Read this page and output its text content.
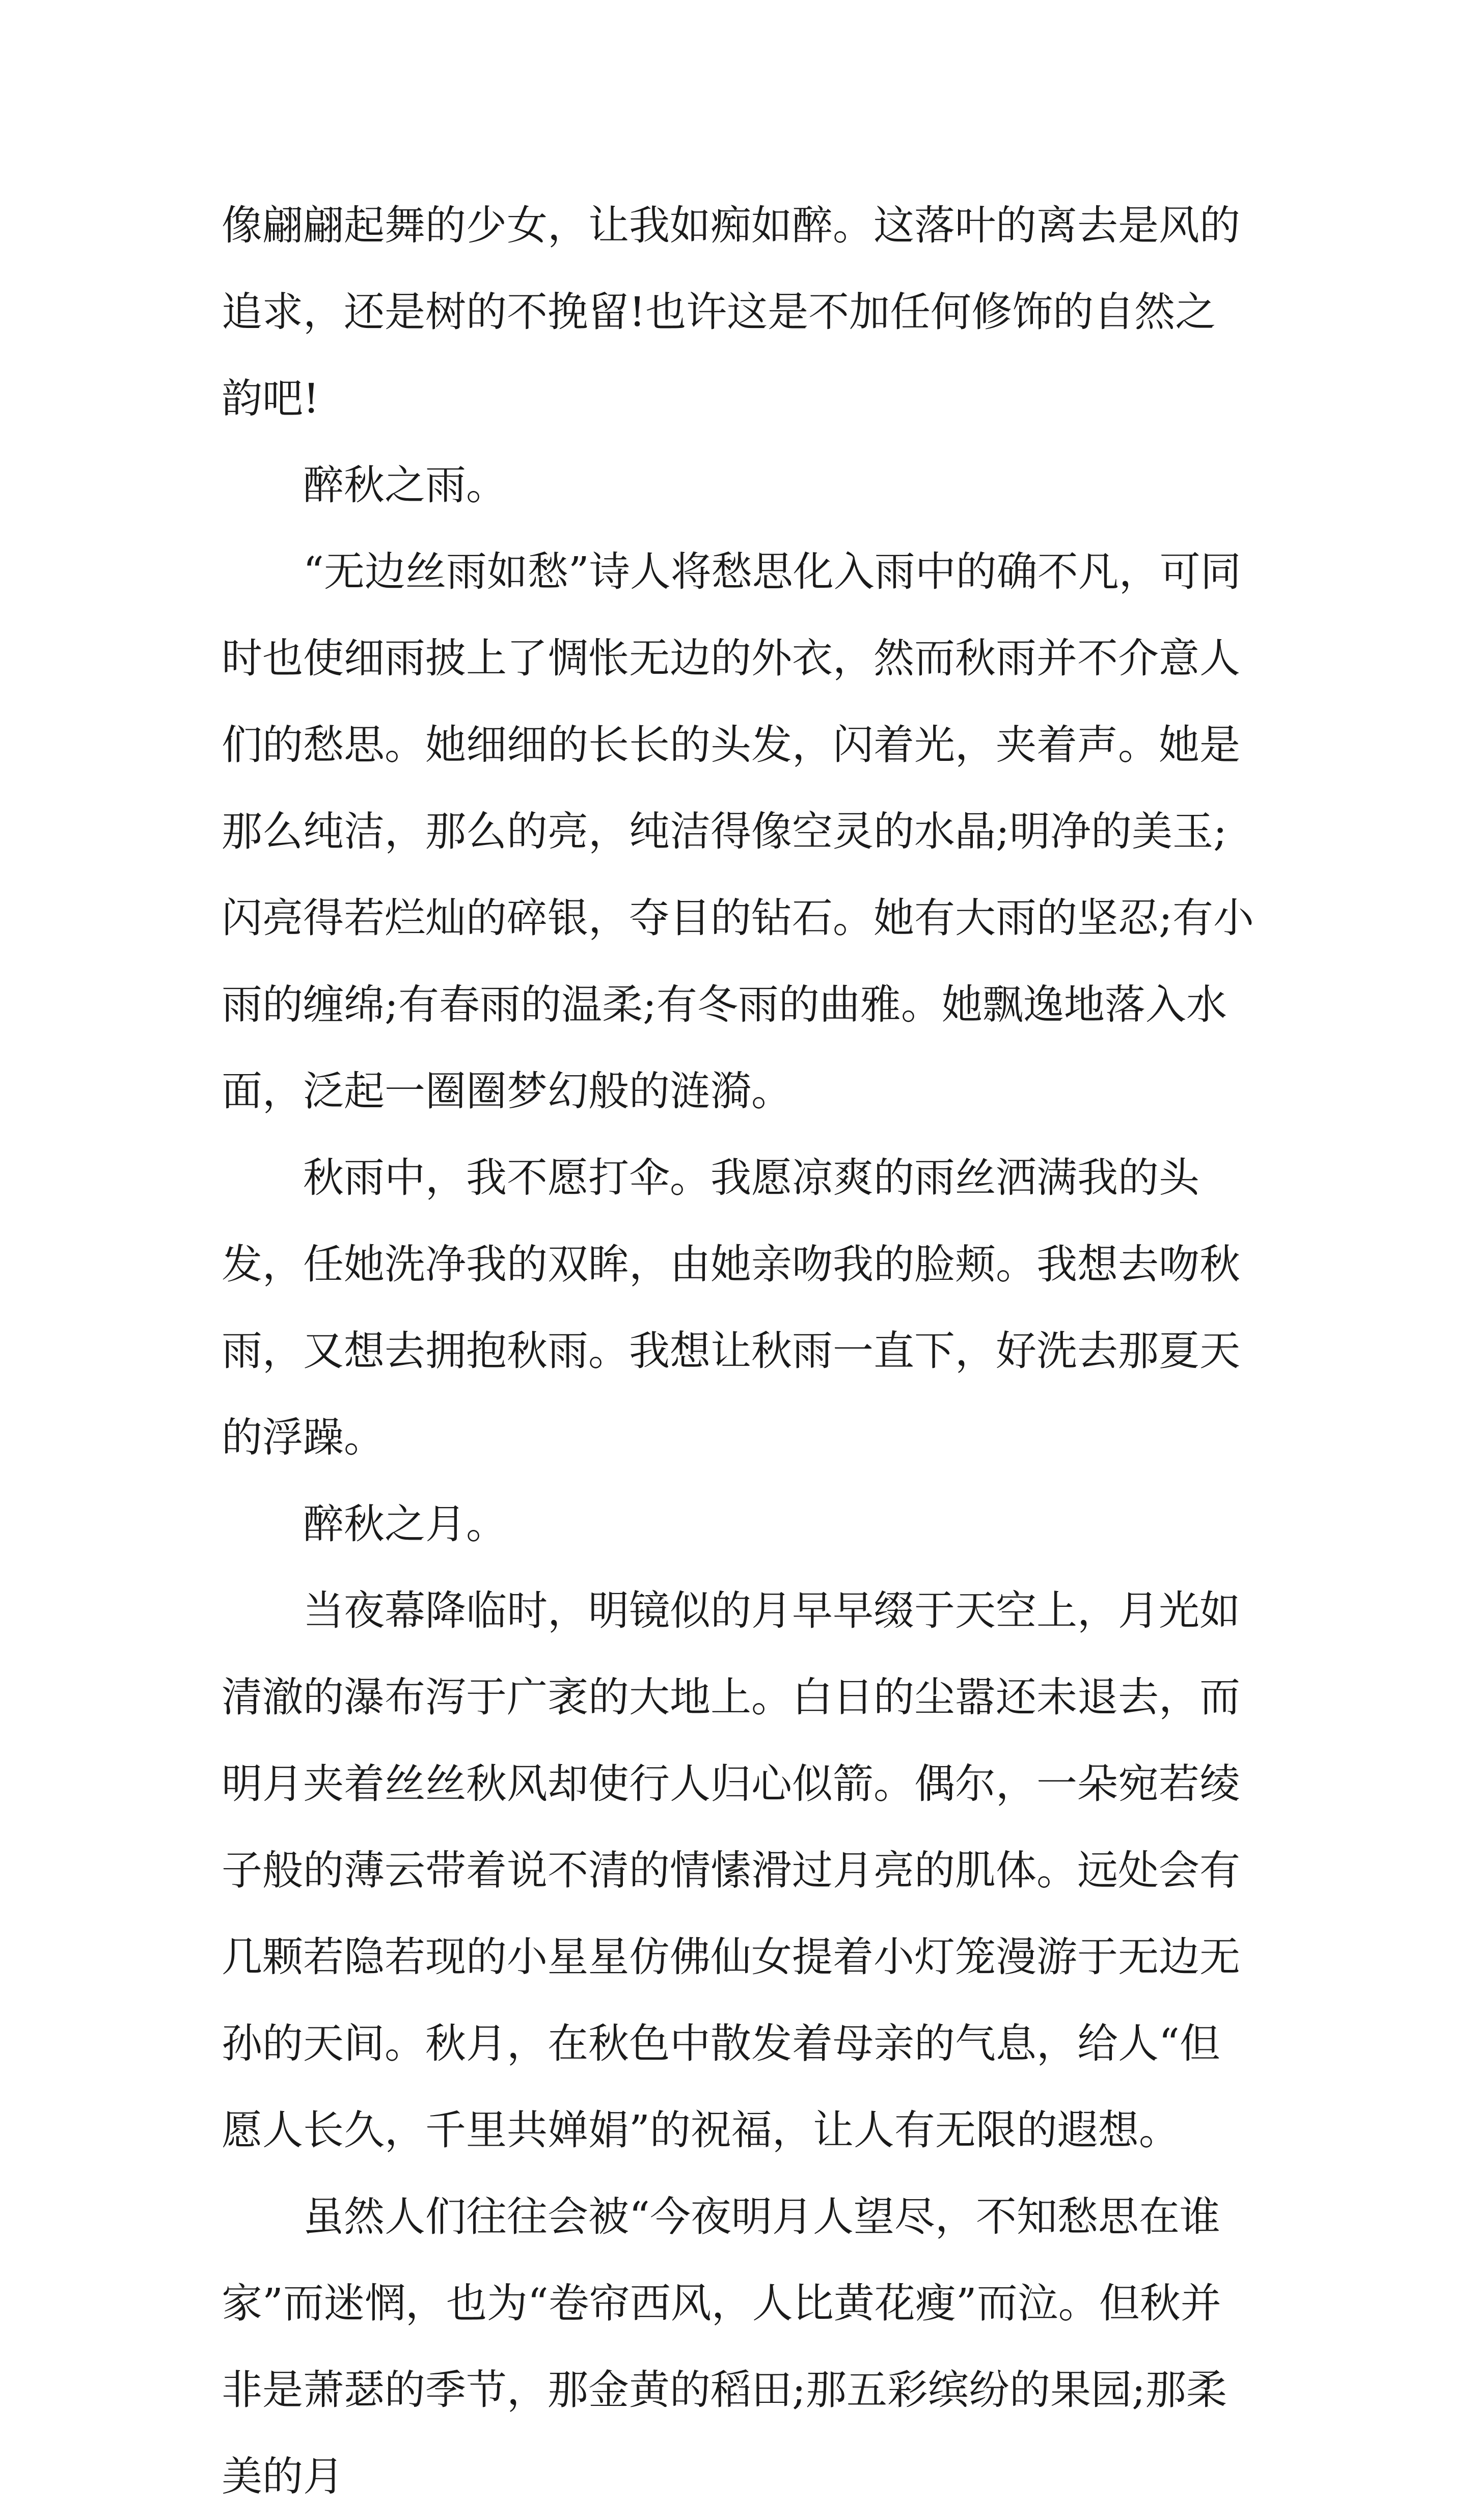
像翩翩起舞的少女，让我如痴如醉。这落叶的离去是风的追求，还是树的不挽留!也许这是不加任何修饰的自然之韵吧!

醉秋之雨。

“无边丝雨如愁”诗人将愁思化入雨中的确不凡，可同时也使细雨披上了惆怅无边的外衣，然而秋雨并不介意人们的愁思。她细细的长长的头发，闪着光，夹着声。她是那么纯洁，那么的亮，纯洁得像空灵的水晶;明净的美玉;闪亮得若烂灿的碎银，夺目的钻石。她有大雨的坚忍;有小雨的缠绵;有春雨的温柔;有冬雨的曲雅。她飘逸地落入水面，泛起一圈圈梦幻般的涟漪。

秋雨中，我不愿打伞。我愿凉爽的雨丝洒满我的头发，任她洗净我的双眸，由她亲吻我的脸颊。我想去吻秋雨，又想去拥抱秋雨。我想让秋雨一直下，好洗去那夏天的浮躁。

醉秋之月。

当夜幕降临时，明镜似的月早早缀于天空上，月光如清澈的瀑布泻于广袤的大地上。白日的尘嚣还未退去，而明月夹着丝丝秋风却使行人归心似箭。偶尔，一朵宛若绫子般的薄云带着说不清的情愫滑过月亮的肌体。远处会有几颗若隐若现的小星星仿佛仙女提着小灯笼漫游于无边无孙的天间。秋月，在秋色中散发着母亲的气息，给人“但愿人长久，千里共婵娟”的祝福，让人有无限的遐想。

虽然人们往往会被“今夜明月人望尽，不知愁思在谁家”而迷惘，也为“卷帘西风，人比黄花瘦”而泣。但秋并非是萧瑟的季节，那金黄的稻田;那五彩缤纷的果园;那柔美的月
